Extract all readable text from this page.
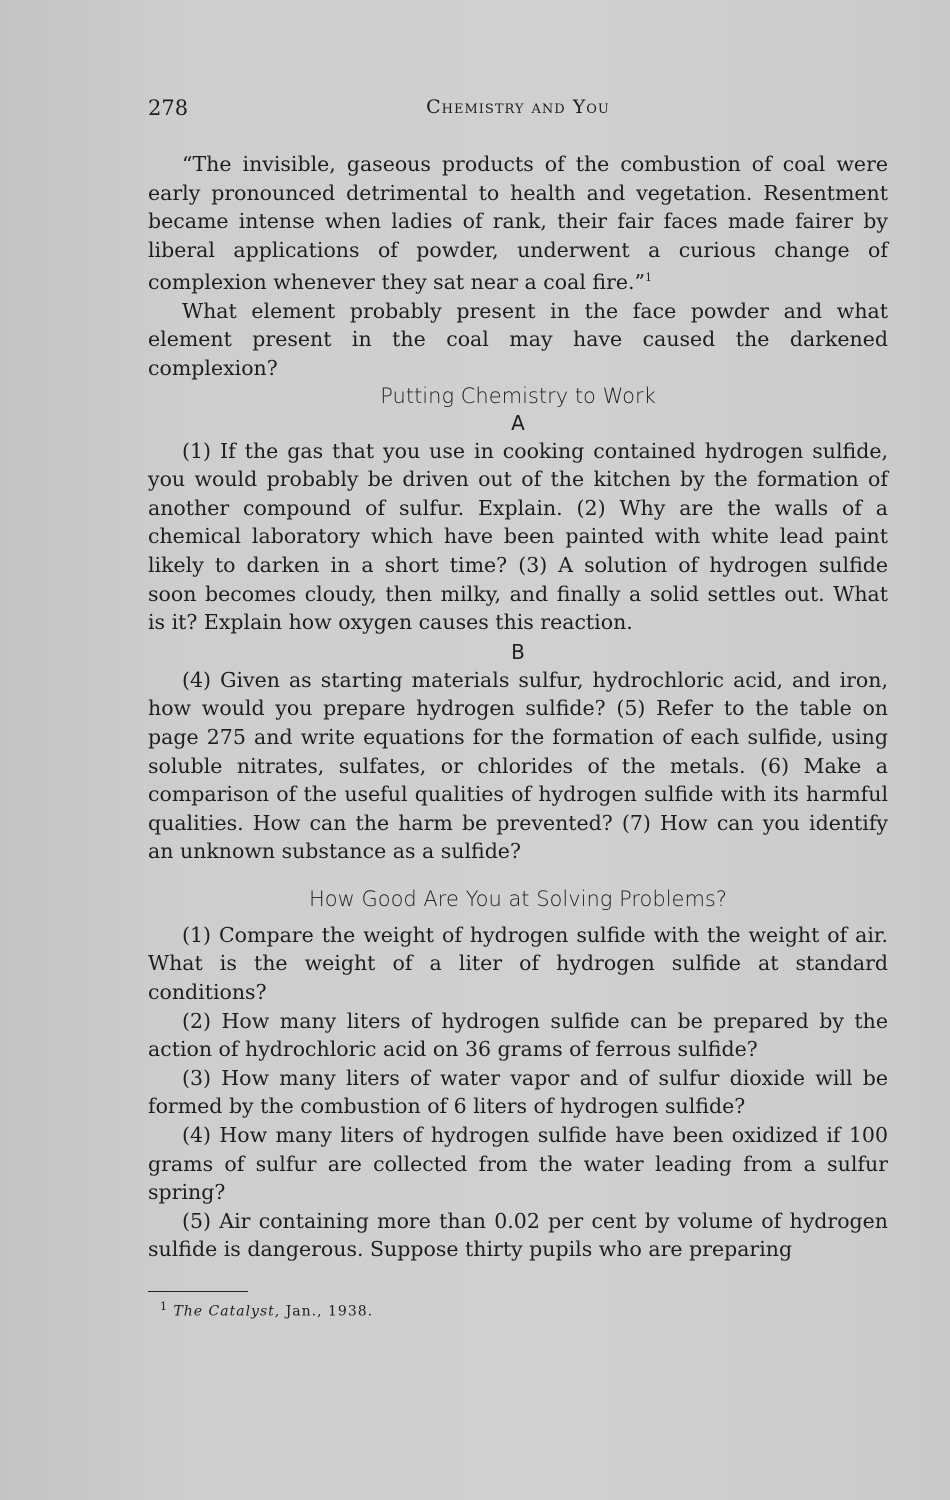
278	Chemistry and You

“The invisible, gaseous products of the combustion of coal were early pronounced detrimental to health and vegetation. Resentment became intense when ladies of rank, their fair faces made fairer by liberal applications of powder, underwent a curious change of complexion whenever they sat near a coal fire.”$^1$

What element probably present in the face powder and what element present in the coal may have caused the darkened complexion?

Putting Chemistry to Work
A

(1) If the gas that you use in cooking contained hydrogen sulfide, you would probably be driven out of the kitchen by the formation of another compound of sulfur. Explain. (2) Why are the walls of a chemical laboratory which have been painted with white lead paint likely to darken in a short time? (3) A solution of hydrogen sulfide soon becomes cloudy, then milky, and finally a solid settles out. What is it? Explain how oxygen causes this reaction.

B

(4) Given as starting materials sulfur, hydrochloric acid, and iron, how would you prepare hydrogen sulfide? (5) Refer to the table on page 275 and write equations for the formation of each sulfide, using soluble nitrates, sulfates, or chlorides of the metals. (6) Make a comparison of the useful qualities of hydrogen sulfide with its harmful qualities. How can the harm be prevented? (7) How can you identify an unknown substance as a sulfide?

How Good Are You at Solving Problems?

(1) Compare the weight of hydrogen sulfide with the weight of air. What is the weight of a liter of hydrogen sulfide at standard conditions?

(2) How many liters of hydrogen sulfide can be prepared by the action of hydrochloric acid on 36 grams of ferrous sulfide?

(3) How many liters of water vapor and of sulfur dioxide will be formed by the combustion of 6 liters of hydrogen sulfide?

(4) How many liters of hydrogen sulfide have been oxidized if 100 grams of sulfur are collected from the water leading from a sulfur spring?

(5) Air containing more than 0.02 per cent by volume of hydrogen sulfide is dangerous. Suppose thirty pupils who are preparing

$^1$ The Catalyst, Jan., 1938.
